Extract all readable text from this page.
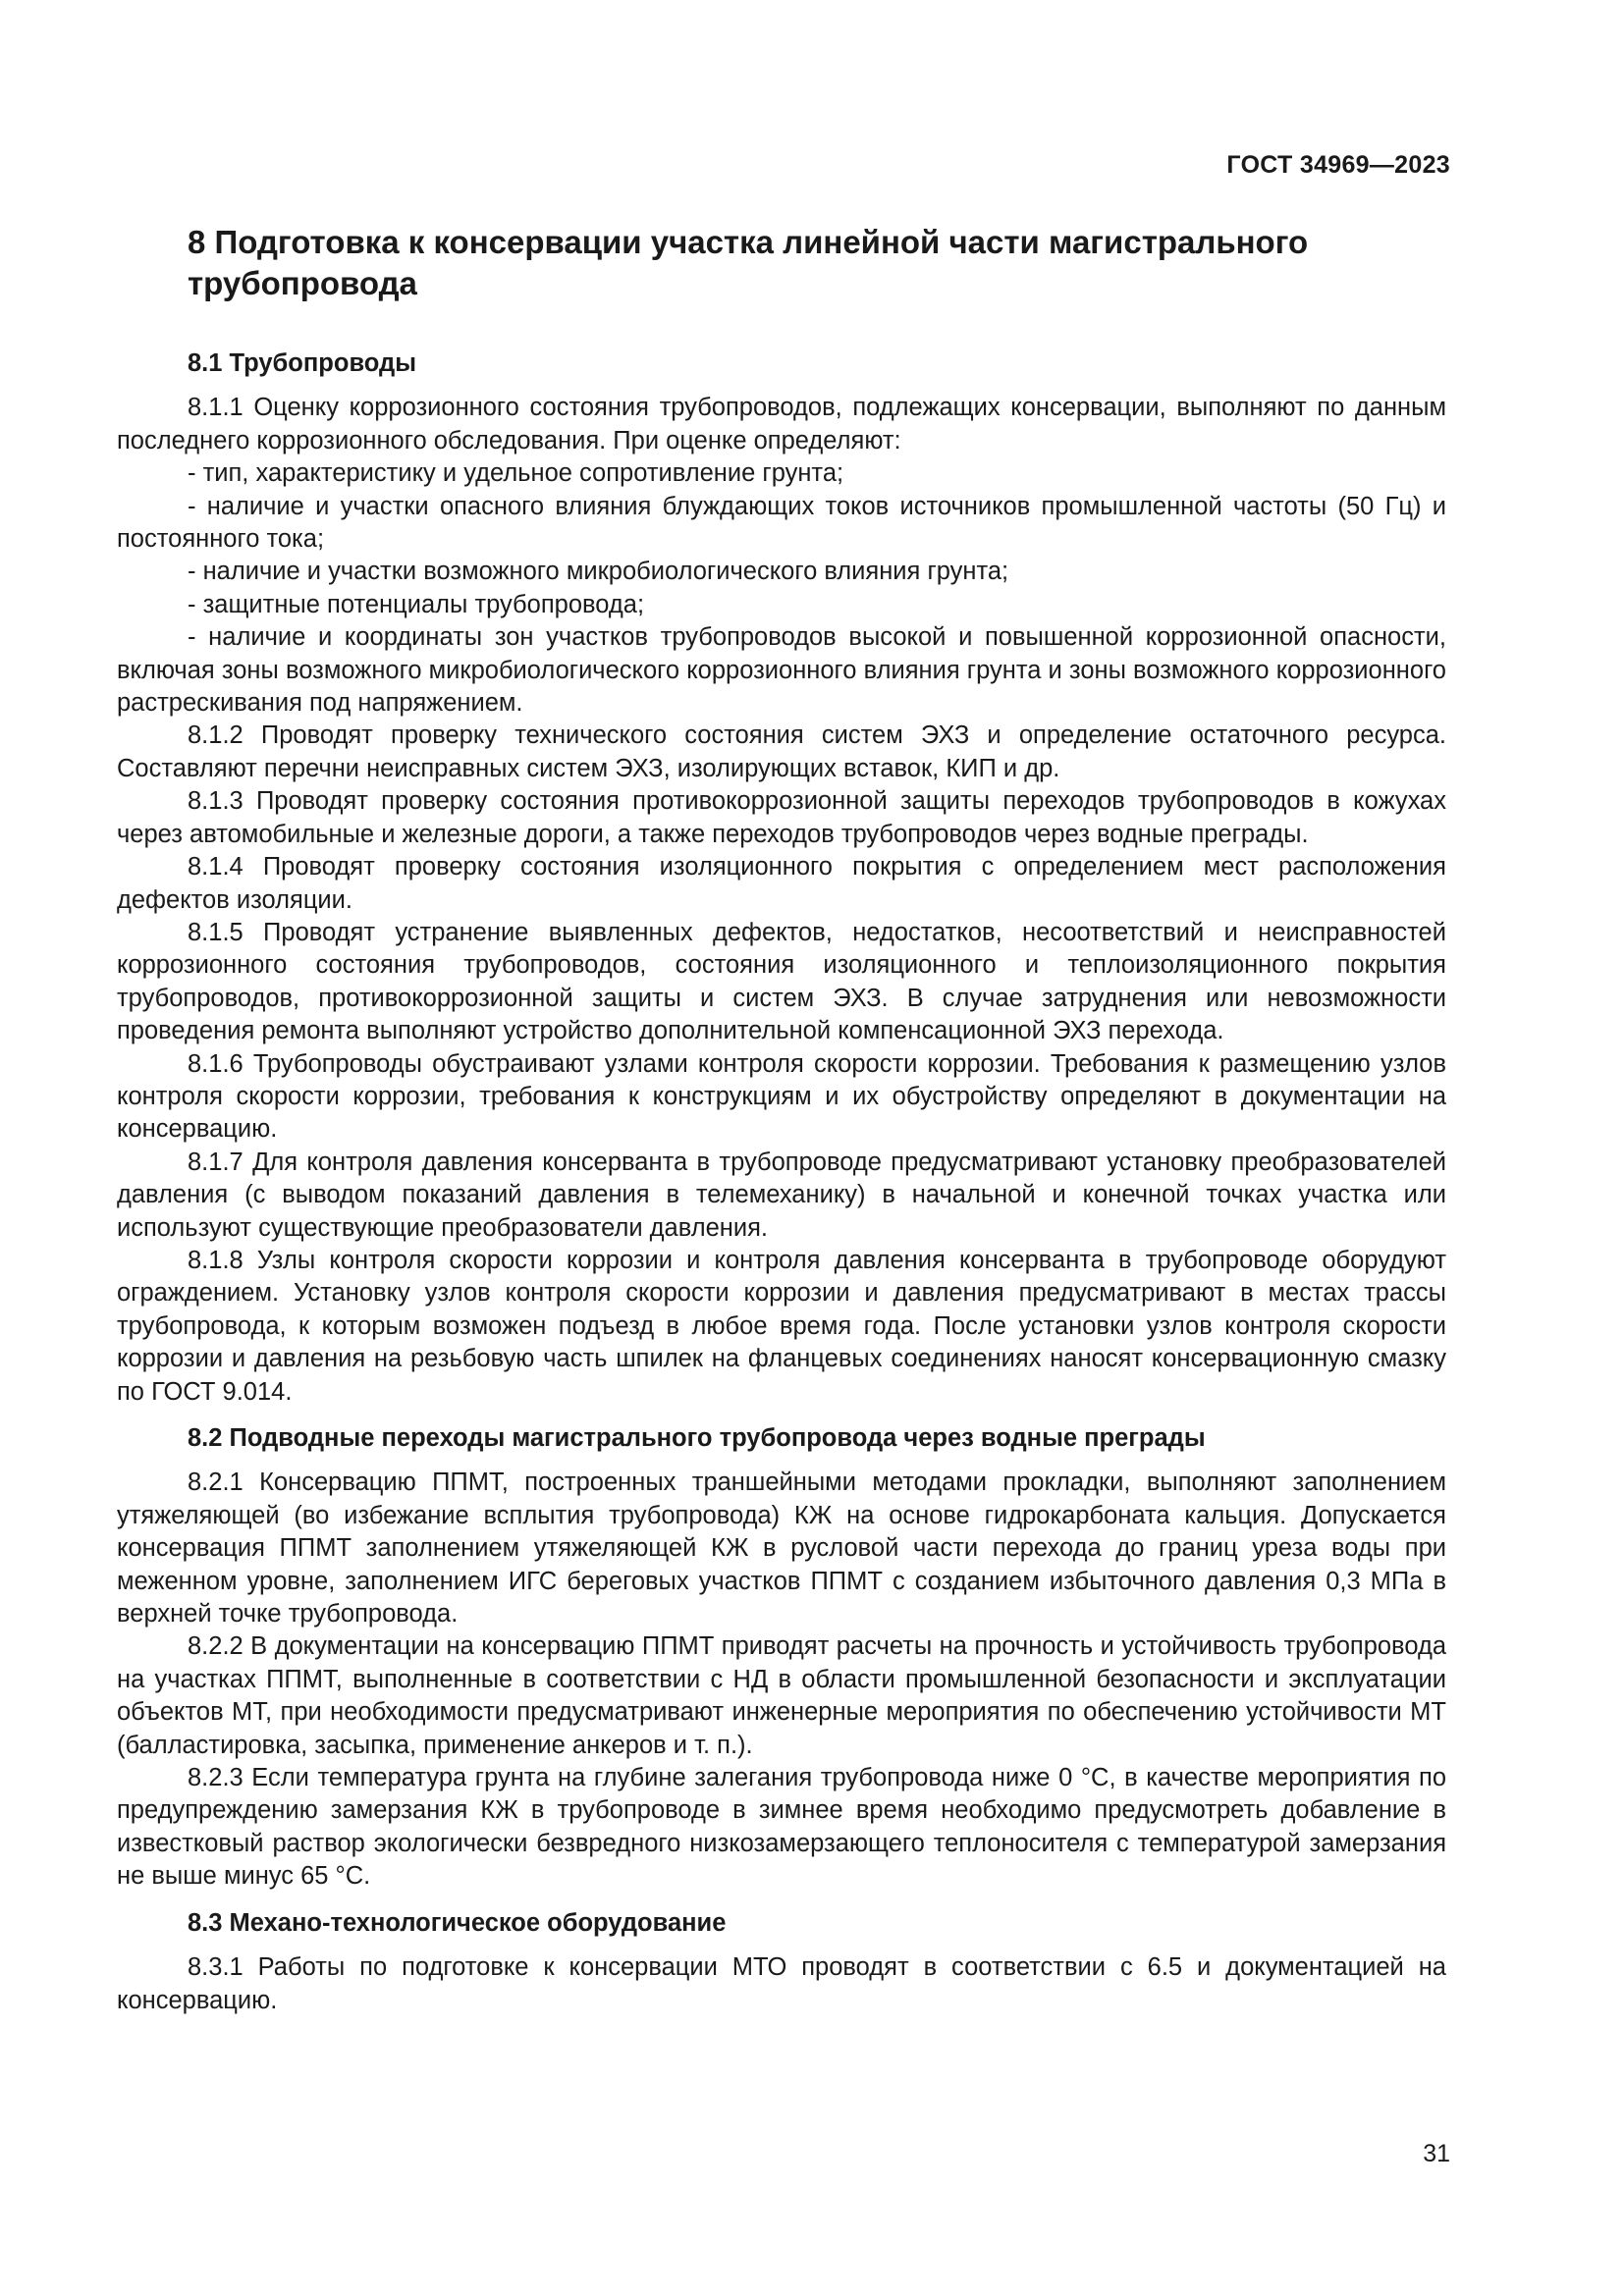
ГОСТ 34969—2023
8 Подготовка к консервации участка линейной части магистрального трубопровода
8.1 Трубопроводы

8.1.1 Оценку коррозионного состояния трубопроводов, подлежащих консервации, выполняют по данным последнего коррозионного обследования. При оценке определяют:

- тип, характеристику и удельное сопротивление грунта;

- наличие и участки опасного влияния блуждающих токов источников промышленной частоты (50 Гц) и постоянного тока;

- наличие и участки возможного микробиологического влияния грунта;

- защитные потенциалы трубопровода;

- наличие и координаты зон участков трубопроводов высокой и повышенной коррозионной опасности, включая зоны возможного микробиологического коррозионного влияния грунта и зоны возможного коррозионного растрескивания под напряжением.

8.1.2 Проводят проверку технического состояния систем ЭХЗ и определение остаточного ресурса. Составляют перечни неисправных систем ЭХЗ, изолирующих вставок, КИП и др.

8.1.3 Проводят проверку состояния противокоррозионной защиты переходов трубопроводов в кожухах через автомобильные и железные дороги, а также переходов трубопроводов через водные преграды.

8.1.4 Проводят проверку состояния изоляционного покрытия с определением мест расположения дефектов изоляции.

8.1.5 Проводят устранение выявленных дефектов, недостатков, несоответствий и неисправностей коррозионного состояния трубопроводов, состояния изоляционного и теплоизоляционного покрытия трубопроводов, противокоррозионной защиты и систем ЭХЗ. В случае затруднения или невозможности проведения ремонта выполняют устройство дополнительной компенсационной ЭХЗ перехода.

8.1.6 Трубопроводы обустраивают узлами контроля скорости коррозии. Требования к размещению узлов контроля скорости коррозии, требования к конструкциям и их обустройству определяют в документации на консервацию.

8.1.7 Для контроля давления консерванта в трубопроводе предусматривают установку преобразователей давления (с выводом показаний давления в телемеханику) в начальной и конечной точках участка или используют существующие преобразователи давления.

8.1.8 Узлы контроля скорости коррозии и контроля давления консерванта в трубопроводе оборудуют ограждением. Установку узлов контроля скорости коррозии и давления предусматривают в местах трассы трубопровода, к которым возможен подъезд в любое время года. После установки узлов контроля скорости коррозии и давления на резьбовую часть шпилек на фланцевых соединениях наносят консервационную смазку по ГОСТ 9.014.

8.2 Подводные переходы магистрального трубопровода через водные преграды

8.2.1 Консервацию ППМТ, построенных траншейными методами прокладки, выполняют заполнением утяжеляющей (во избежание всплытия трубопровода) КЖ на основе гидрокарбоната кальция. Допускается консервация ППМТ заполнением утяжеляющей КЖ в русловой части перехода до границ уреза воды при меженном уровне, заполнением ИГС береговых участков ППМТ с созданием избыточного давления 0,3 МПа в верхней точке трубопровода.

8.2.2 В документации на консервацию ППМТ приводят расчеты на прочность и устойчивость трубопровода на участках ППМТ, выполненные в соответствии с НД в области промышленной безопасности и эксплуатации объектов МТ, при необходимости предусматривают инженерные мероприятия по обеспечению устойчивости МТ (балластировка, засыпка, применение анкеров и т. п.).

8.2.3 Если температура грунта на глубине залегания трубопровода ниже 0 °С, в качестве мероприятия по предупреждению замерзания КЖ в трубопроводе в зимнее время необходимо предусмотреть добавление в известковый раствор экологически безвредного низкозамерзающего теплоносителя с температурой замерзания не выше минус 65 °С.

8.3 Механо-технологическое оборудование

8.3.1 Работы по подготовке к консервации МТО проводят в соответствии с 6.5 и документацией на консервацию.

31
